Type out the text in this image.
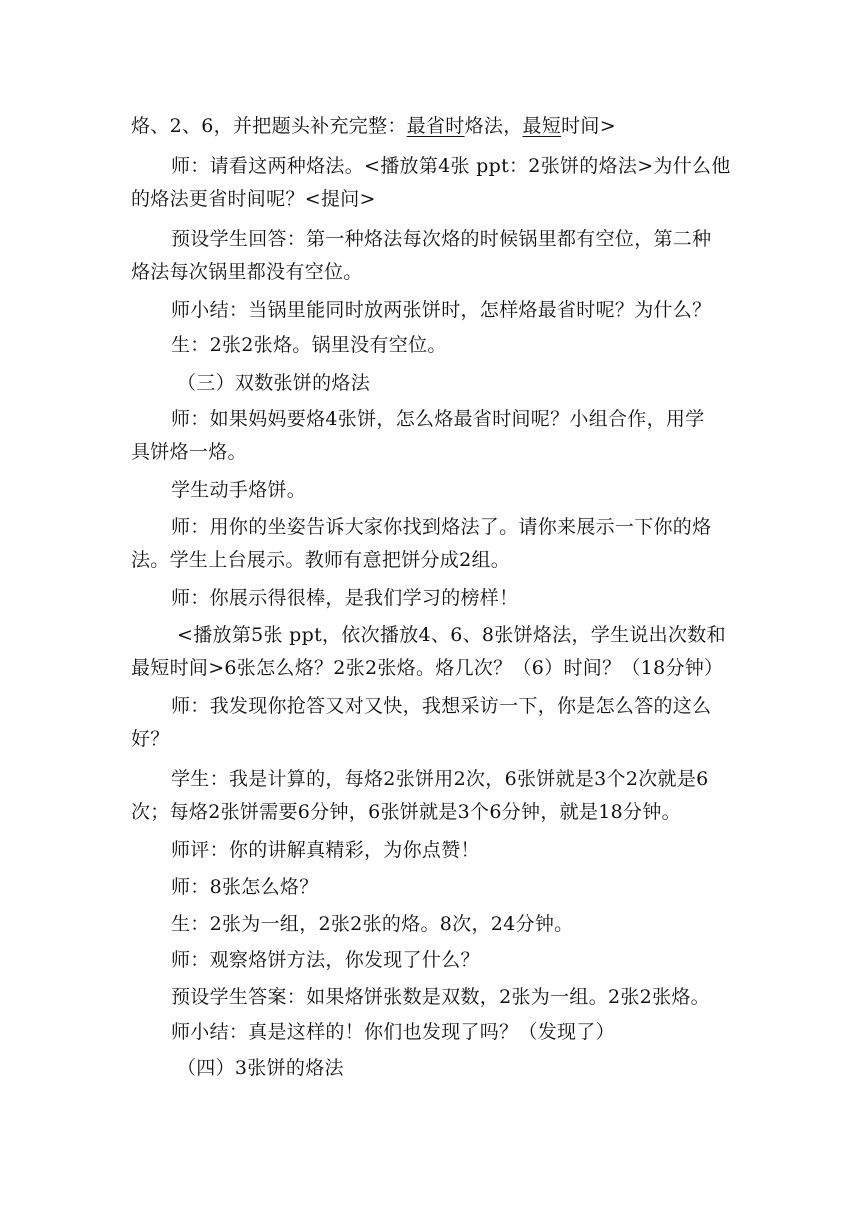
烙、2、6，并把题头补充完整：最省时烙法，最短时间>
师：请看这两种烙法。<播放第4张 ppt：2张饼的烙法>为什么他
的烙法更省时间呢？<提问>
预设学生回答：第一种烙法每次烙的时候锅里都有空位，第二种
烙法每次锅里都没有空位。
师小结：当锅里能同时放两张饼时，怎样烙最省时呢？为什么？
生：2张2张烙。锅里没有空位。
（三）双数张饼的烙法
师：如果妈妈要烙4张饼，怎么烙最省时间呢？小组合作，用学
具饼烙一烙。
学生动手烙饼。
师：用你的坐姿告诉大家你找到烙法了。请你来展示一下你的烙
法。学生上台展示。教师有意把饼分成2组。
师：你展示得很棒，是我们学习的榜样！
<播放第5张 ppt，依次播放4、6、8张饼烙法，学生说出次数和
最短时间>6张怎么烙？2张2张烙。烙几次？（6）时间？（18分钟）
师：我发现你抢答又对又快，我想采访一下，你是怎么答的这么
好？
学生：我是计算的，每烙2张饼用2次，6张饼就是3个2次就是6
次；每烙2张饼需要6分钟，6张饼就是3个6分钟，就是18分钟。
师评：你的讲解真精彩，为你点赞！
师：8张怎么烙？
生：2张为一组，2张2张的烙。8次，24分钟。
师：观察烙饼方法，你发现了什么？
预设学生答案：如果烙饼张数是双数，2张为一组。2张2张烙。
师小结：真是这样的！你们也发现了吗？（发现了）
（四）3张饼的烙法
